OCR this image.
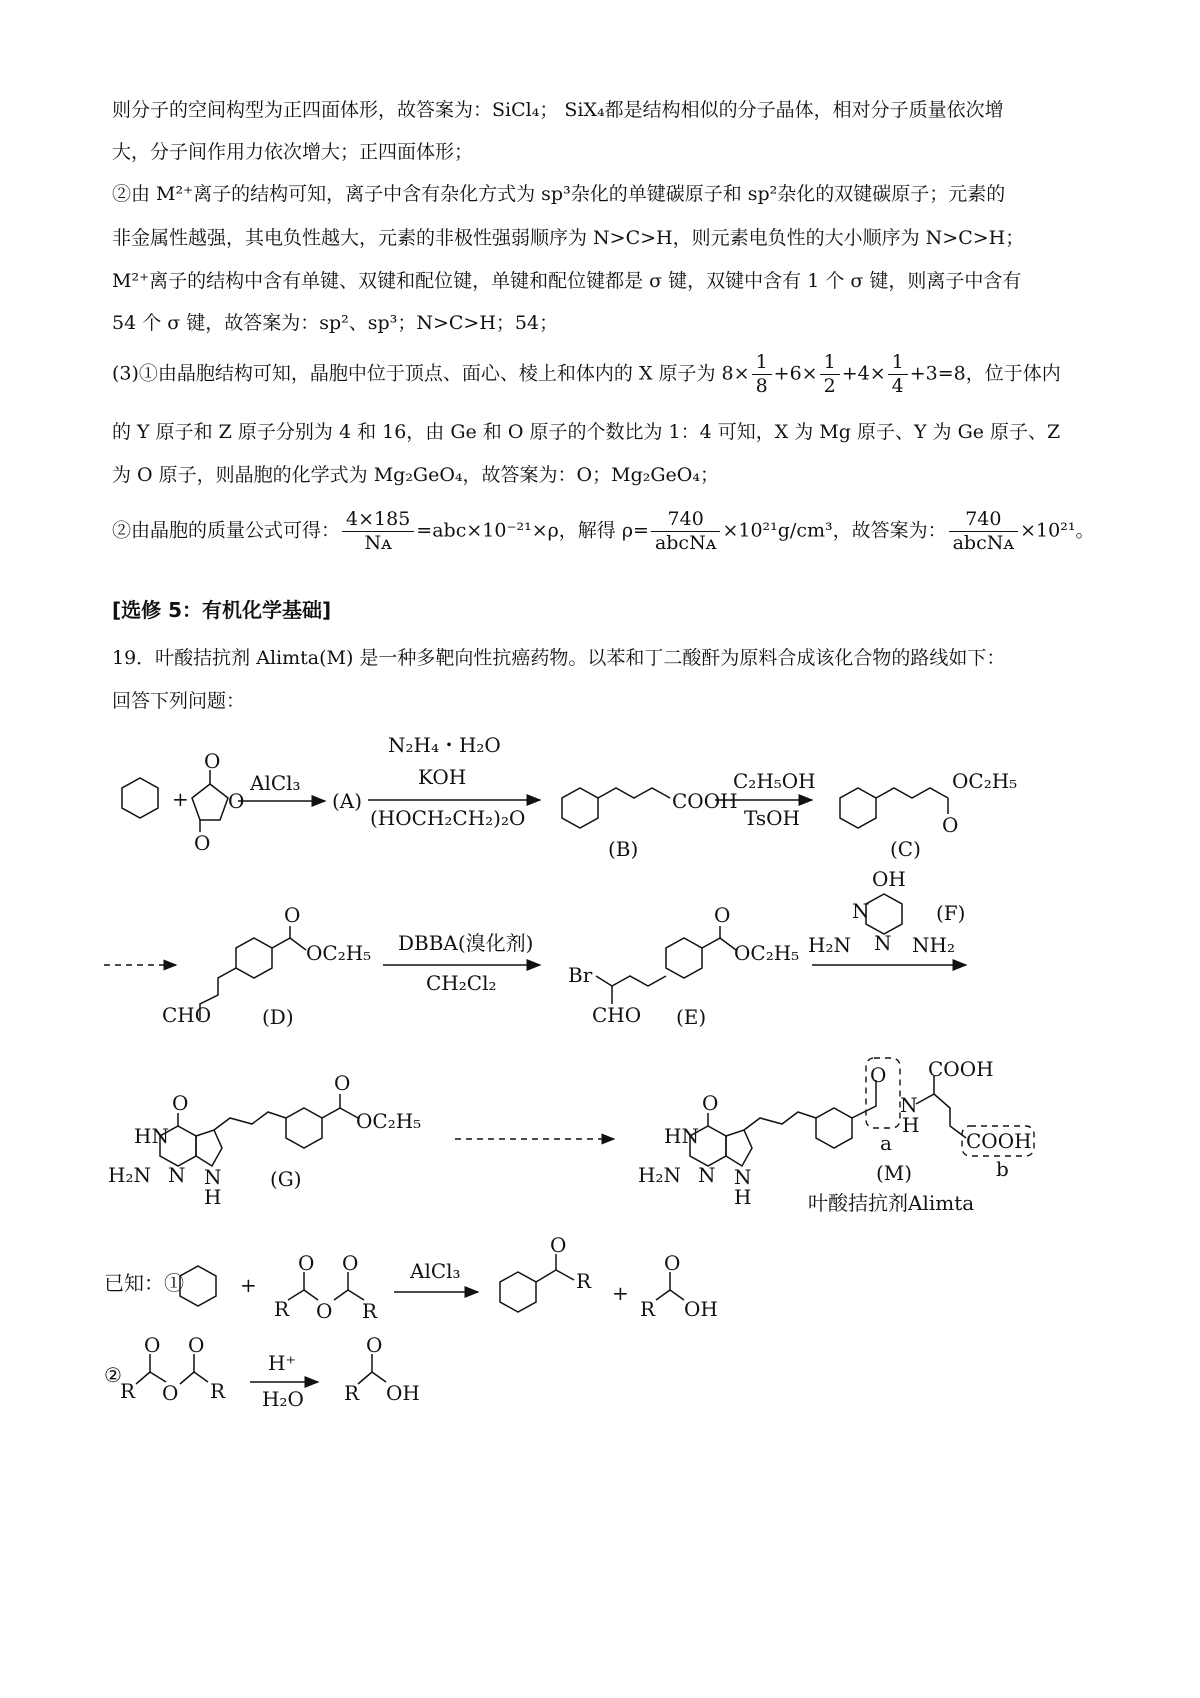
则分子的空间构型为正四面体形，故答案为：SiCl₄； SiX₄都是结构相似的分子晶体，相对分子质量依次增
大，分子间作用力依次增大；正四面体形；
②由 M²⁺离子的结构可知，离子中含有杂化方式为 sp³杂化的单键碳原子和 sp²杂化的双键碳原子；元素的
非金属性越强，其电负性越大，元素的非极性强弱顺序为 N>C>H，则元素电负性的大小顺序为 N>C>H；
M²⁺离子的结构中含有单键、双键和配位键，单键和配位键都是 σ 键，双键中含有 1 个 σ 键，则离子中含有
54 个 σ 键，故答案为：sp²、sp³；N>C>H；54；
(3)①由晶胞结构可知，晶胞中位于顶点、面心、棱上和体内的 X 原子为 $8\times \frac{1}{8} +6\times \frac{1}{2} +4\times \frac{1}{4} +3=8$，位于体内
的 Y 原子和 Z 原子分别为 4 和 16，由 Ge 和 O 原子的个数比为 1：4 可知，X 为 Mg 原子、Y 为 Ge 原子、Z
为 O 原子，则晶胞的化学式为 Mg₂GeO₄，故答案为：O；Mg₂GeO₄；
②由晶胞的质量公式可得： $\frac{4\times 185}{\text{Nᴀ}} =abc\times 10^{-21}\times\rho$，解得 $\rho= \frac{740}{\text{abcNᴀ}} \times 10^{21}g/cm^3$，故答案为： $\frac{740}{\text{abcNᴀ}} \times 10^{21}$。
[选修 5：有机化学基础]
19．叶酸拮抗剂 Alimta(M) 是一种多靶向性抗癌药物。以苯和丁二酸酐为原料合成该化合物的路线如下：
回答下列问题：
+
O
O
O
AlCl₃
(A)
N₂H₄・H₂O
KOH
(HOCH₂CH₂)₂O
COOH
(B)
C₂H₅OH
TsOH	O
OC₂H₅
(C)
O
OC₂H₅
CHO	(D)
DBBA(溴化剂)
CH₂Cl₂	Br
CHO
O
OC₂H₅
(E)
OH
N
N
H₂N	NH₂
(F)
O
HN
H₂N N N
H
O
OC₂H₅
(G)
O
HN
H₂N N N
H
O
N
H
a
COOH
COOH
b
(M)
叶酸拮抗剂Alimta
已知：①	+
R
O
O
O
R
AlCl₃
O
R +
R
O
OH
②
R
O
O
O
R
H⁺
H₂O R
O
OH
